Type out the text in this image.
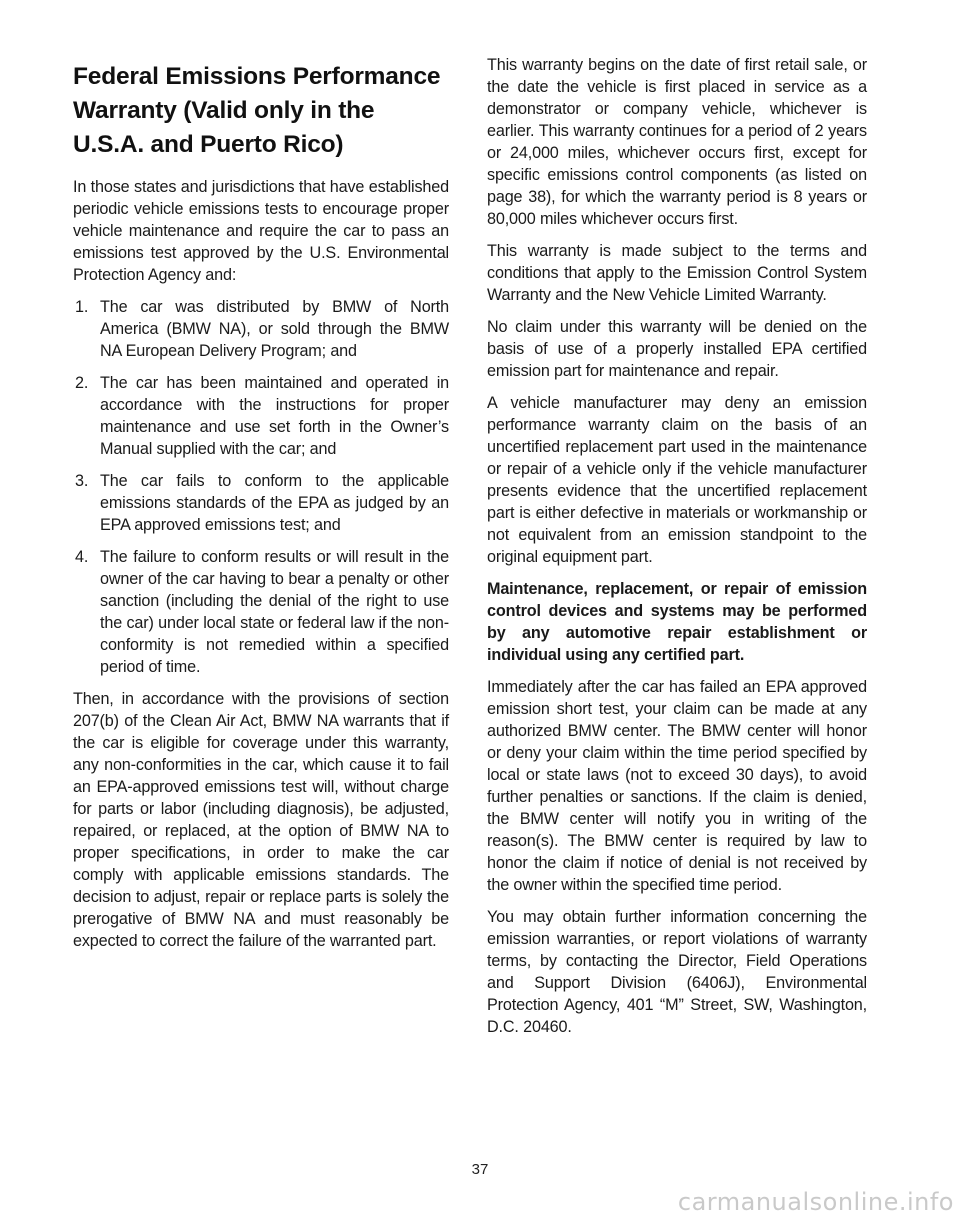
Federal Emissions Performance Warranty (Valid only in the U.S.A. and Puerto Rico)

In those states and jurisdictions that have established periodic vehicle emissions tests to encourage proper vehicle maintenance and require the car to pass an emissions test approved by the U.S. Environmental Protection Agency and:

1. The car was distributed by BMW of North America (BMW NA), or sold through the BMW NA European Delivery Program; and
2. The car has been maintained and operated in accordance with the instructions for proper maintenance and use set forth in the Owner’s Manual supplied with the car; and
3. The car fails to conform to the applicable emissions standards of the EPA as judged by an EPA approved emissions test; and
4. The failure to conform results or will result in the owner of the car having to bear a penalty or other sanction (including the denial of the right to use the car) under local state or federal law if the non-conformity is not remedied within a specified period of time.

Then, in accordance with the provisions of section 207(b) of the Clean Air Act, BMW NA warrants that if the car is eligible for coverage under this warranty, any non-conformities in the car, which cause it to fail an EPA-approved emissions test will, without charge for parts or labor (including diagnosis), be adjusted, repaired, or replaced, at the option of BMW NA to proper specifications, in order to make the car comply with applicable emissions standards. The decision to adjust, repair or replace parts is solely the prerogative of BMW NA and must reasonably be expected to correct the failure of the warranted part.

This warranty begins on the date of first retail sale, or the date the vehicle is first placed in service as a demonstrator or company vehicle, whichever is earlier. This warranty continues for a period of 2 years or 24,000 miles, whichever occurs first, except for specific emissions control components (as listed on page 38), for which the warranty period is 8 years or 80,000 miles whichever occurs first.

This warranty is made subject to the terms and conditions that apply to the Emission Control System Warranty and the New Vehicle Limited Warranty.

No claim under this warranty will be denied on the basis of use of a properly installed EPA certified emission part for maintenance and repair.

A vehicle manufacturer may deny an emission performance warranty claim on the basis of an uncertified replacement part used in the maintenance or repair of a vehicle only if the vehicle manufacturer presents evidence that the uncertified replacement part is either defective in materials or workmanship or not equivalent from an emission standpoint to the original equipment part.

Maintenance, replacement, or repair of emission control devices and systems may be performed by any automotive repair establishment or individual using any certified part.

Immediately after the car has failed an EPA approved emission short test, your claim can be made at any authorized BMW center. The BMW center will honor or deny your claim within the time period specified by local or state laws (not to exceed 30 days), to avoid further penalties or sanctions. If the claim is denied, the BMW center will notify you in writing of the reason(s). The BMW center is required by law to honor the claim if notice of denial is not received by the owner within the specified time period.

You may obtain further information concerning the emission warranties, or report violations of warranty terms, by contacting the Director, Field Operations and Support Division (6406J), Environmental Protection Agency, 401 “M” Street, SW, Washington, D.C. 20460.

37
carmanualsonline.info
